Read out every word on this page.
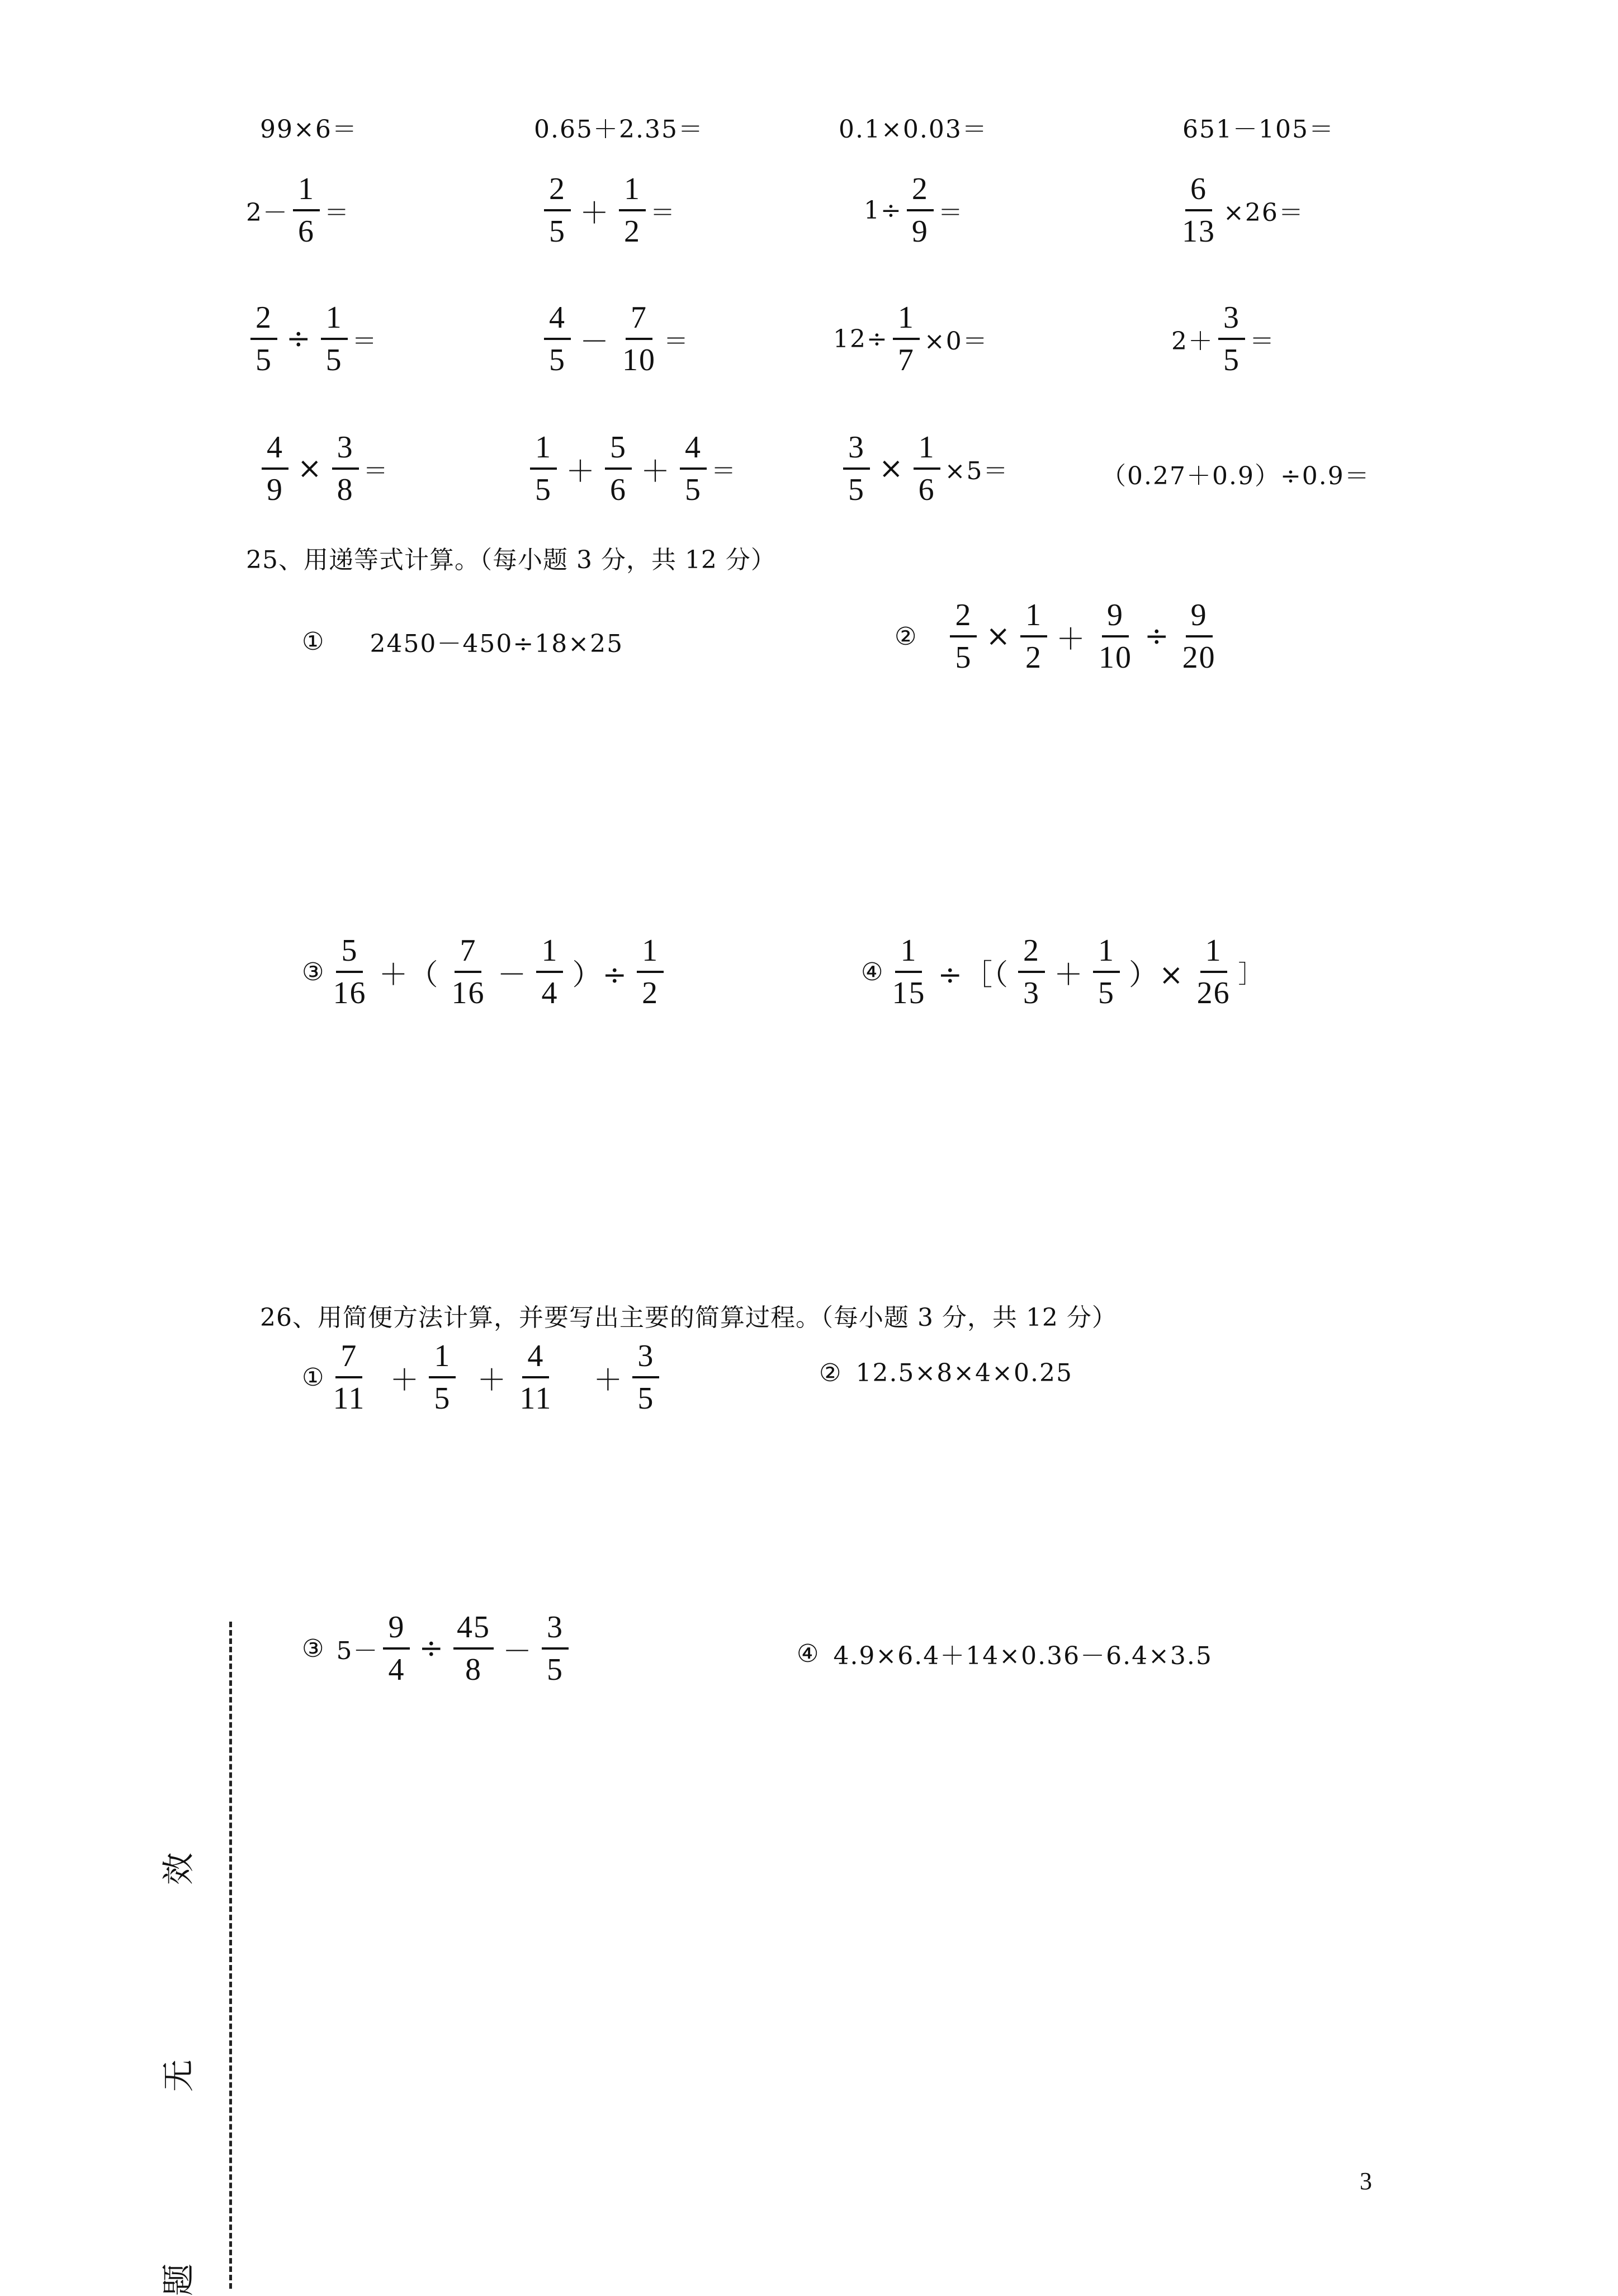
99×6＝	0.65＋2.35＝	0.1×0.03＝	651－105＝
$2- \frac{1}{6}$ ＝	$\frac{2}{5} + \frac{1}{2}$ ＝	$1\div \frac{2}{9}$ ＝	$\frac{6}{13} \times 26=$
$\frac{2}{5} \div \frac{1}{5}$ ＝	$\frac{4}{5} - \frac{7}{10}$ ＝	$12\div \frac{1}{7} \times 0=$	$2+ \frac{3}{5}$ ＝
$\frac{4}{9} \times \frac{3}{8}$ ＝	$\frac{1}{5} + \frac{5}{6} + \frac{4}{5}$ ＝	$\frac{3}{5} \times \frac{1}{6} \times 5=$	（0.27＋0.9）÷0.9＝
25、用递等式计算。（每小题 3 分，共 12 分）
① 2450－450÷18×25	② $\frac{2}{5} \times \frac{1}{2} + \frac{9}{10} \div \frac{9}{20}$
③ $\frac{5}{16}$ ＋（ $\frac{7}{16} - \frac{1}{4}$ ）÷ $\frac{1}{2}$	④ $\frac{1}{15}$ ÷［（ $\frac{2}{3} + \frac{1}{5}$ ）× $\frac{1}{26}$ ］
26、用简便方法计算，并要写出主要的简算过程。（每小题 3 分，共 12 分）
① $\frac{7}{11} + \frac{1}{5} + \frac{4}{11} + \frac{3}{5}$	② 12.5×8×4×0.25
③ $5- \frac{9}{4} \div \frac{45}{8} - \frac{3}{5}$	④ 4.9×6.4＋14×0.36－6.4×3.5
效
无
题
3
